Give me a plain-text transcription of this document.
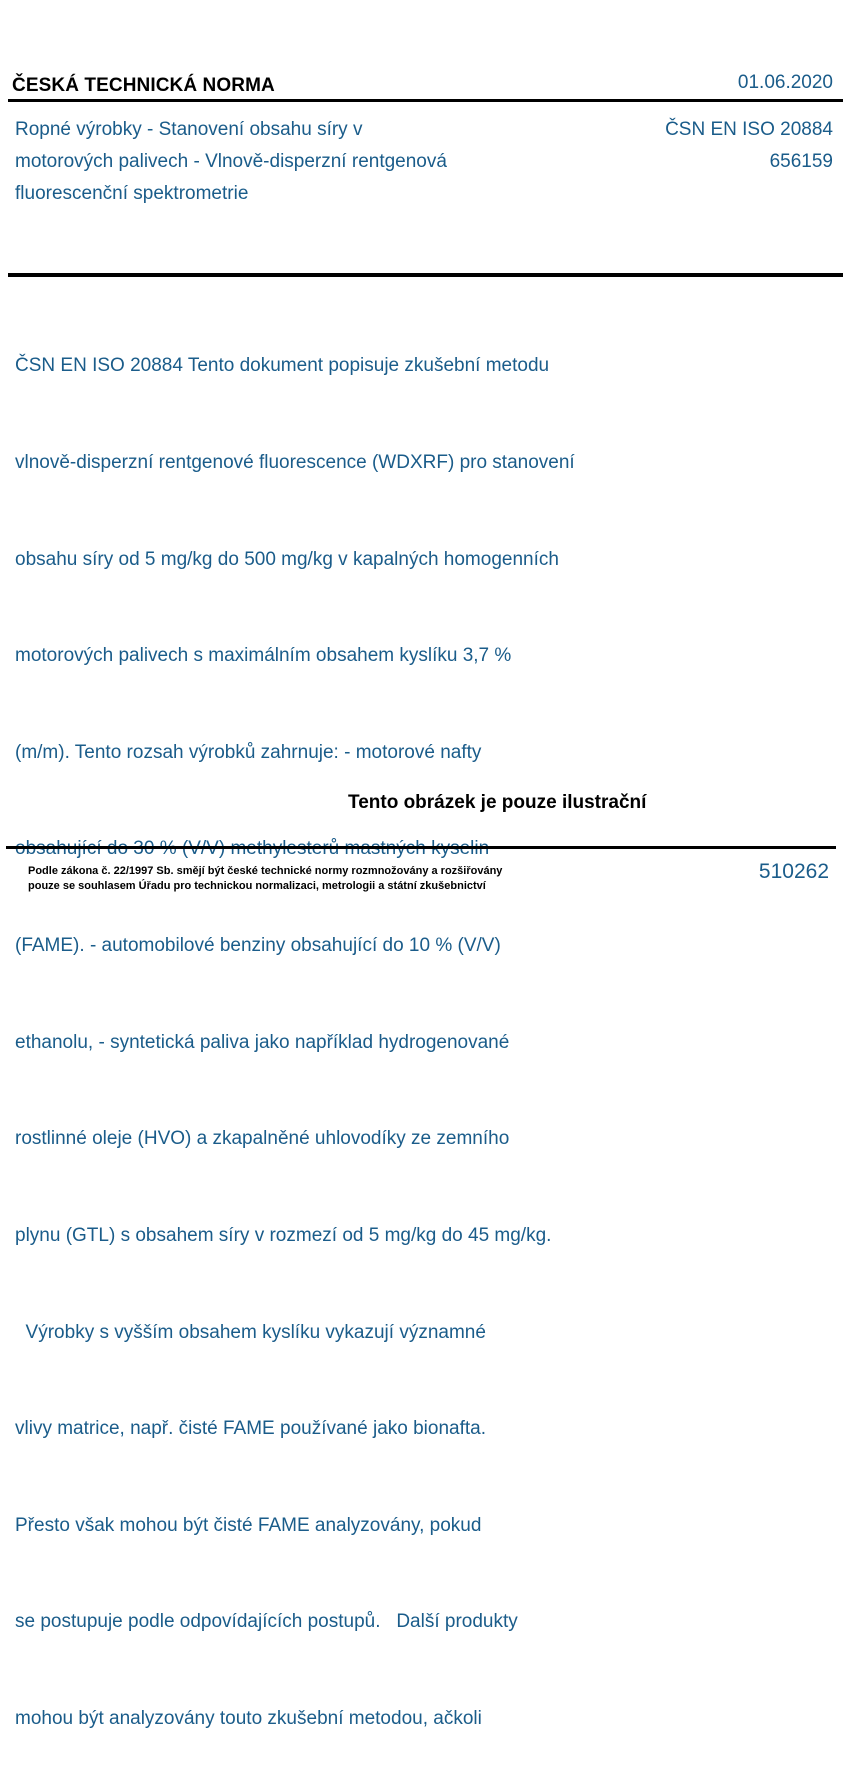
ČESKÁ TECHNICKÁ NORMA	01.06.2020
Ropné výrobky - Stanovení obsahu síry v
motorových palivech - Vlnově-disperzní rentgenová
fluorescenční spektrometrie
ČSN EN ISO 20884
656159

ČSN EN ISO 20884 Tento dokument popisuje zkušební metodu

vlnově-disperzní rentgenové fluorescence (WDXRF) pro stanovení

obsahu síry od 5 mg/kg do 500 mg/kg v kapalných homogenních

motorových palivech s maximálním obsahem kyslíku 3,7 %

(m/m). Tento rozsah výrobků zahrnuje: - motorové nafty

(FAME). - automobilové benziny obsahující do 10 % (V/V)

ethanolu, - syntetická paliva jako například hydrogenované

rostlinné oleje (HVO) a zkapalněné uhlovodíky ze zemního

plynu (GTL) s obsahem síry v rozmezí od 5 mg/kg do 45 mg/kg.

Výrobky s vyšším obsahem kyslíku vykazují významné

vlivy matrice, např. čisté FAME používané jako bionafta.

Přesto však mohou být čisté FAME analyzovány, pokud

se postupuje podle odpovídajících postupů.   Další produkty

mohou být analyzovány touto zkušební metodou, ačkoli

Tento obrázek je pouze ilustrační
Podle zákona č. 22/1997 Sb. smějí být české technické normy rozmnožovány a rozšiřovány
pouze se souhlasem Úřadu pro technickou normalizaci, metrologii a státní zkušebnictví
510262
